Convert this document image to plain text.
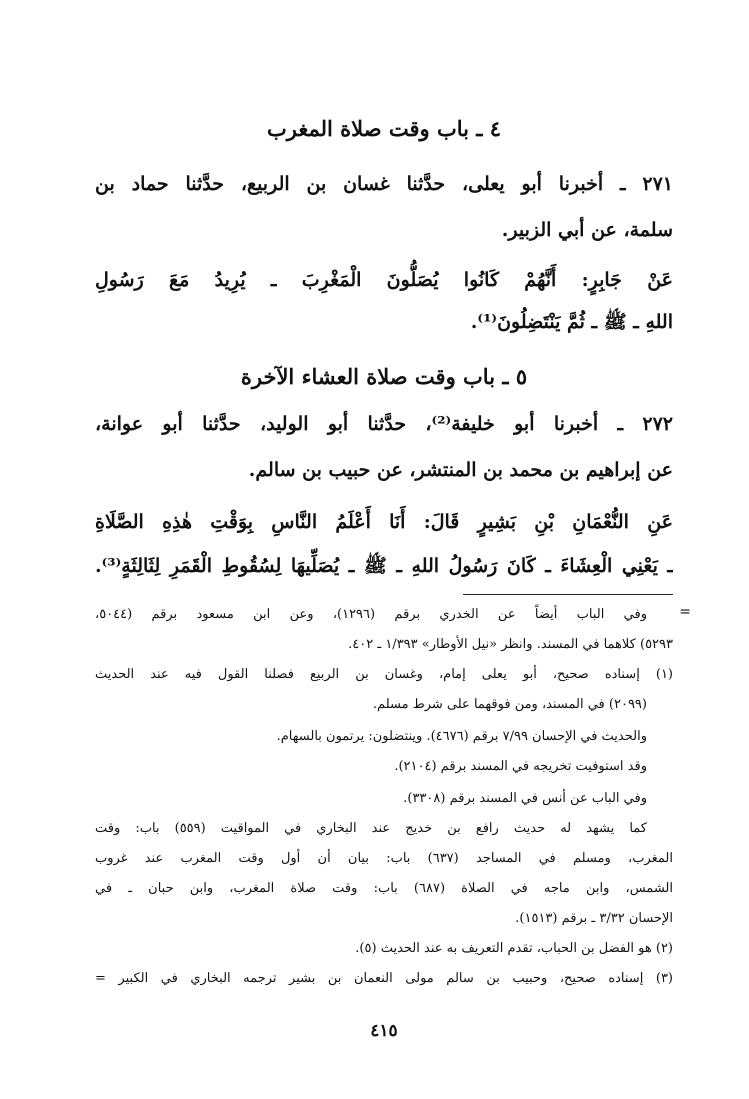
٤ ـ باب وقت صلاة المغرب
٢٧١ ـ أخبرنا أبو يعلى، حدَّثنا غسان بن الربيع، حدَّثنا حماد بن
سلمة، عن أبي الزبير.
عَنْ جَابِرٍ: أَنَّهُمْ كَانُوا يُصَلُّونَ الْمَغْرِبَ ـ يُرِيدُ مَعَ رَسُولِ
اللهِ ـ ﷺ ـ ثُمَّ يَنْتَضِلُونَ⁽¹⁾.
٥ ـ باب وقت صلاة العشاء الآخرة
٢٧٢ ـ أخبرنا أبو خليفة⁽²⁾، حدَّثنا أبو الوليد، حدَّثنا أبو عوانة،
عن إبراهيم بن محمد بن المنتشر، عن حبيب بن سالم.
عَنِ النُّعْمَانِ بْنِ بَشِيرٍ قَالَ: أَنَا أَعْلَمُ النَّاسِ بِوَقْتِ هٰذِهِ الصَّلَاةِ
ـ يَعْنِي الْعِشَاءَ ـ كَانَ رَسُولُ اللهِ ـ ﷺ ـ يُصَلِّيهَا لِسُقُوطِ الْقَمَرِ لِثَالِثَةٍ⁽³⁾.
=
وفي الباب أيضاً عن الخدري برقم (١٢٩٦)، وعن ابن مسعود برقم (٥٠٤٤،
٥٢٩٣) كلاهما في المسند. وانظر «نيل الأوطار» ١/٣٩٣ ـ ٤٠٢.
(١) إسناده صحيح، أبو يعلى إمام، وغسان بن الربيع فصلنا القول فيه عند الحديث
(٢٠٩٩) في المسند، ومن فوقهما على شرط مسلم.
والحديث في الإحسان ٧/٩٩ برقم (٤٦٧٦). وينتضلون: يرتمون بالسهام.
وقد استوفيت تخريجه في المسند برقم (٢١٠٤).
وفي الباب عن أنس في المسند برقم (٣٣٠٨).
كما يشهد له حديث رافع بن خديج عند البخاري في المواقيت (٥٥٩) باب: وقت
المغرب، ومسلم في المساجد (٦٣٧) باب: بيان أن أول وقت المغرب عند غروب
الشمس، وابن ماجه في الصلاة (٦٨٧) باب: وقت صلاة المغرب، وابن حبان ـ في
الإحسان ٣/٣٢ ـ برقم (١٥١٣).
(٢) هو الفضل بن الحباب، تقدم التعريف به عند الحديث (٥).
(٣) إسناده صحيح، وحبيب بن سالم مولى النعمان بن بشير ترجمه البخاري في الكبير =
٤١٥
